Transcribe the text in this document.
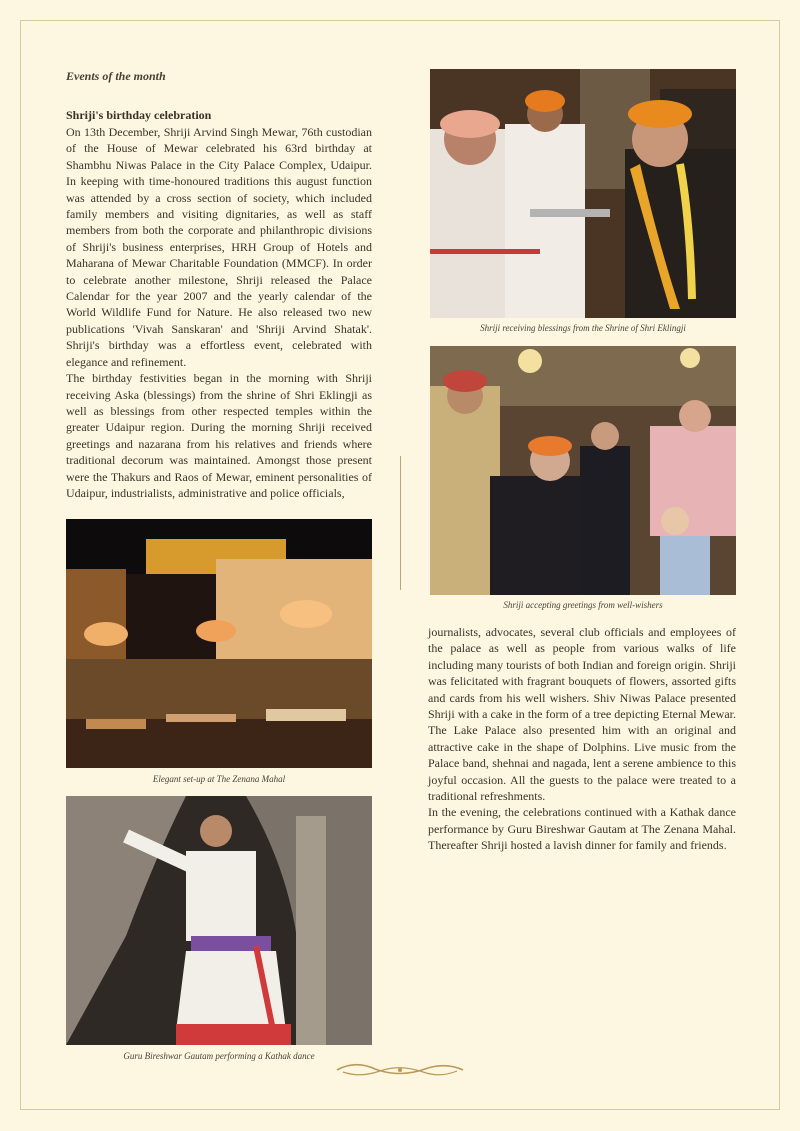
Events of the month
Shriji's birthday celebration

On 13th December, Shriji Arvind Singh Mewar, 76th custodian of the House of Mewar celebrated his 63rd birthday at Shambhu Niwas Palace in the City Palace Complex, Udaipur. In keeping with time-honoured traditions this august function was attended by a cross section of society, which included family members and visiting dignitaries, as well as staff members from both the corporate and philanthropic divisions of Shriji's business enterprises, HRH Group of Hotels and Maharana of Mewar Charitable Foundation (MMCF). In order to celebrate another milestone, Shriji released the Palace Calendar for the year 2007 and the yearly calendar of the World Wildlife Fund for Nature. He also released two new publications 'Vivah Sanskaran' and 'Shriji Arvind Shatak'. Shriji's birthday was a effortless event, celebrated with elegance and refinement.

The birthday festivities began in the morning with Shriji receiving Aska (blessings) from the shrine of Shri Eklingji as well as blessings from other respected temples within the greater Udaipur region. During the morning Shriji received greetings and nazarana from his relatives and friends where traditional decorum was maintained. Amongst those present were the Thakurs and Raos of Mewar, eminent personalities of Udaipur, industrialists, administrative and police officials,

Shriji receiving blessings from the Shrine of Shri Eklingji
Shriji accepting greetings from well-wishers

journalists, advocates, several club officials and employees of the palace as well as people from various walks of life including many tourists of both Indian and foreign origin. Shriji was felicitated with fragrant bouquets of flowers, assorted gifts and cards from his well wishers. Shiv Niwas Palace presented Shriji with a cake in the form of a tree depicting Eternal Mewar. The Lake Palace also presented him with an original and attractive cake in the shape of Dolphins. Live music from the Palace band, shehnai and nagada, lent a serene ambience to this joyful occasion. All the guests to the palace were treated to a traditional refreshments.

In the evening, the celebrations continued with a Kathak dance performance by Guru Bireshwar Gautam at The Zenana Mahal. Thereafter Shriji hosted a lavish dinner for family and friends.

Elegant set-up at The Zenana Mahal
Guru Bireshwar Gautam performing a Kathak dance
